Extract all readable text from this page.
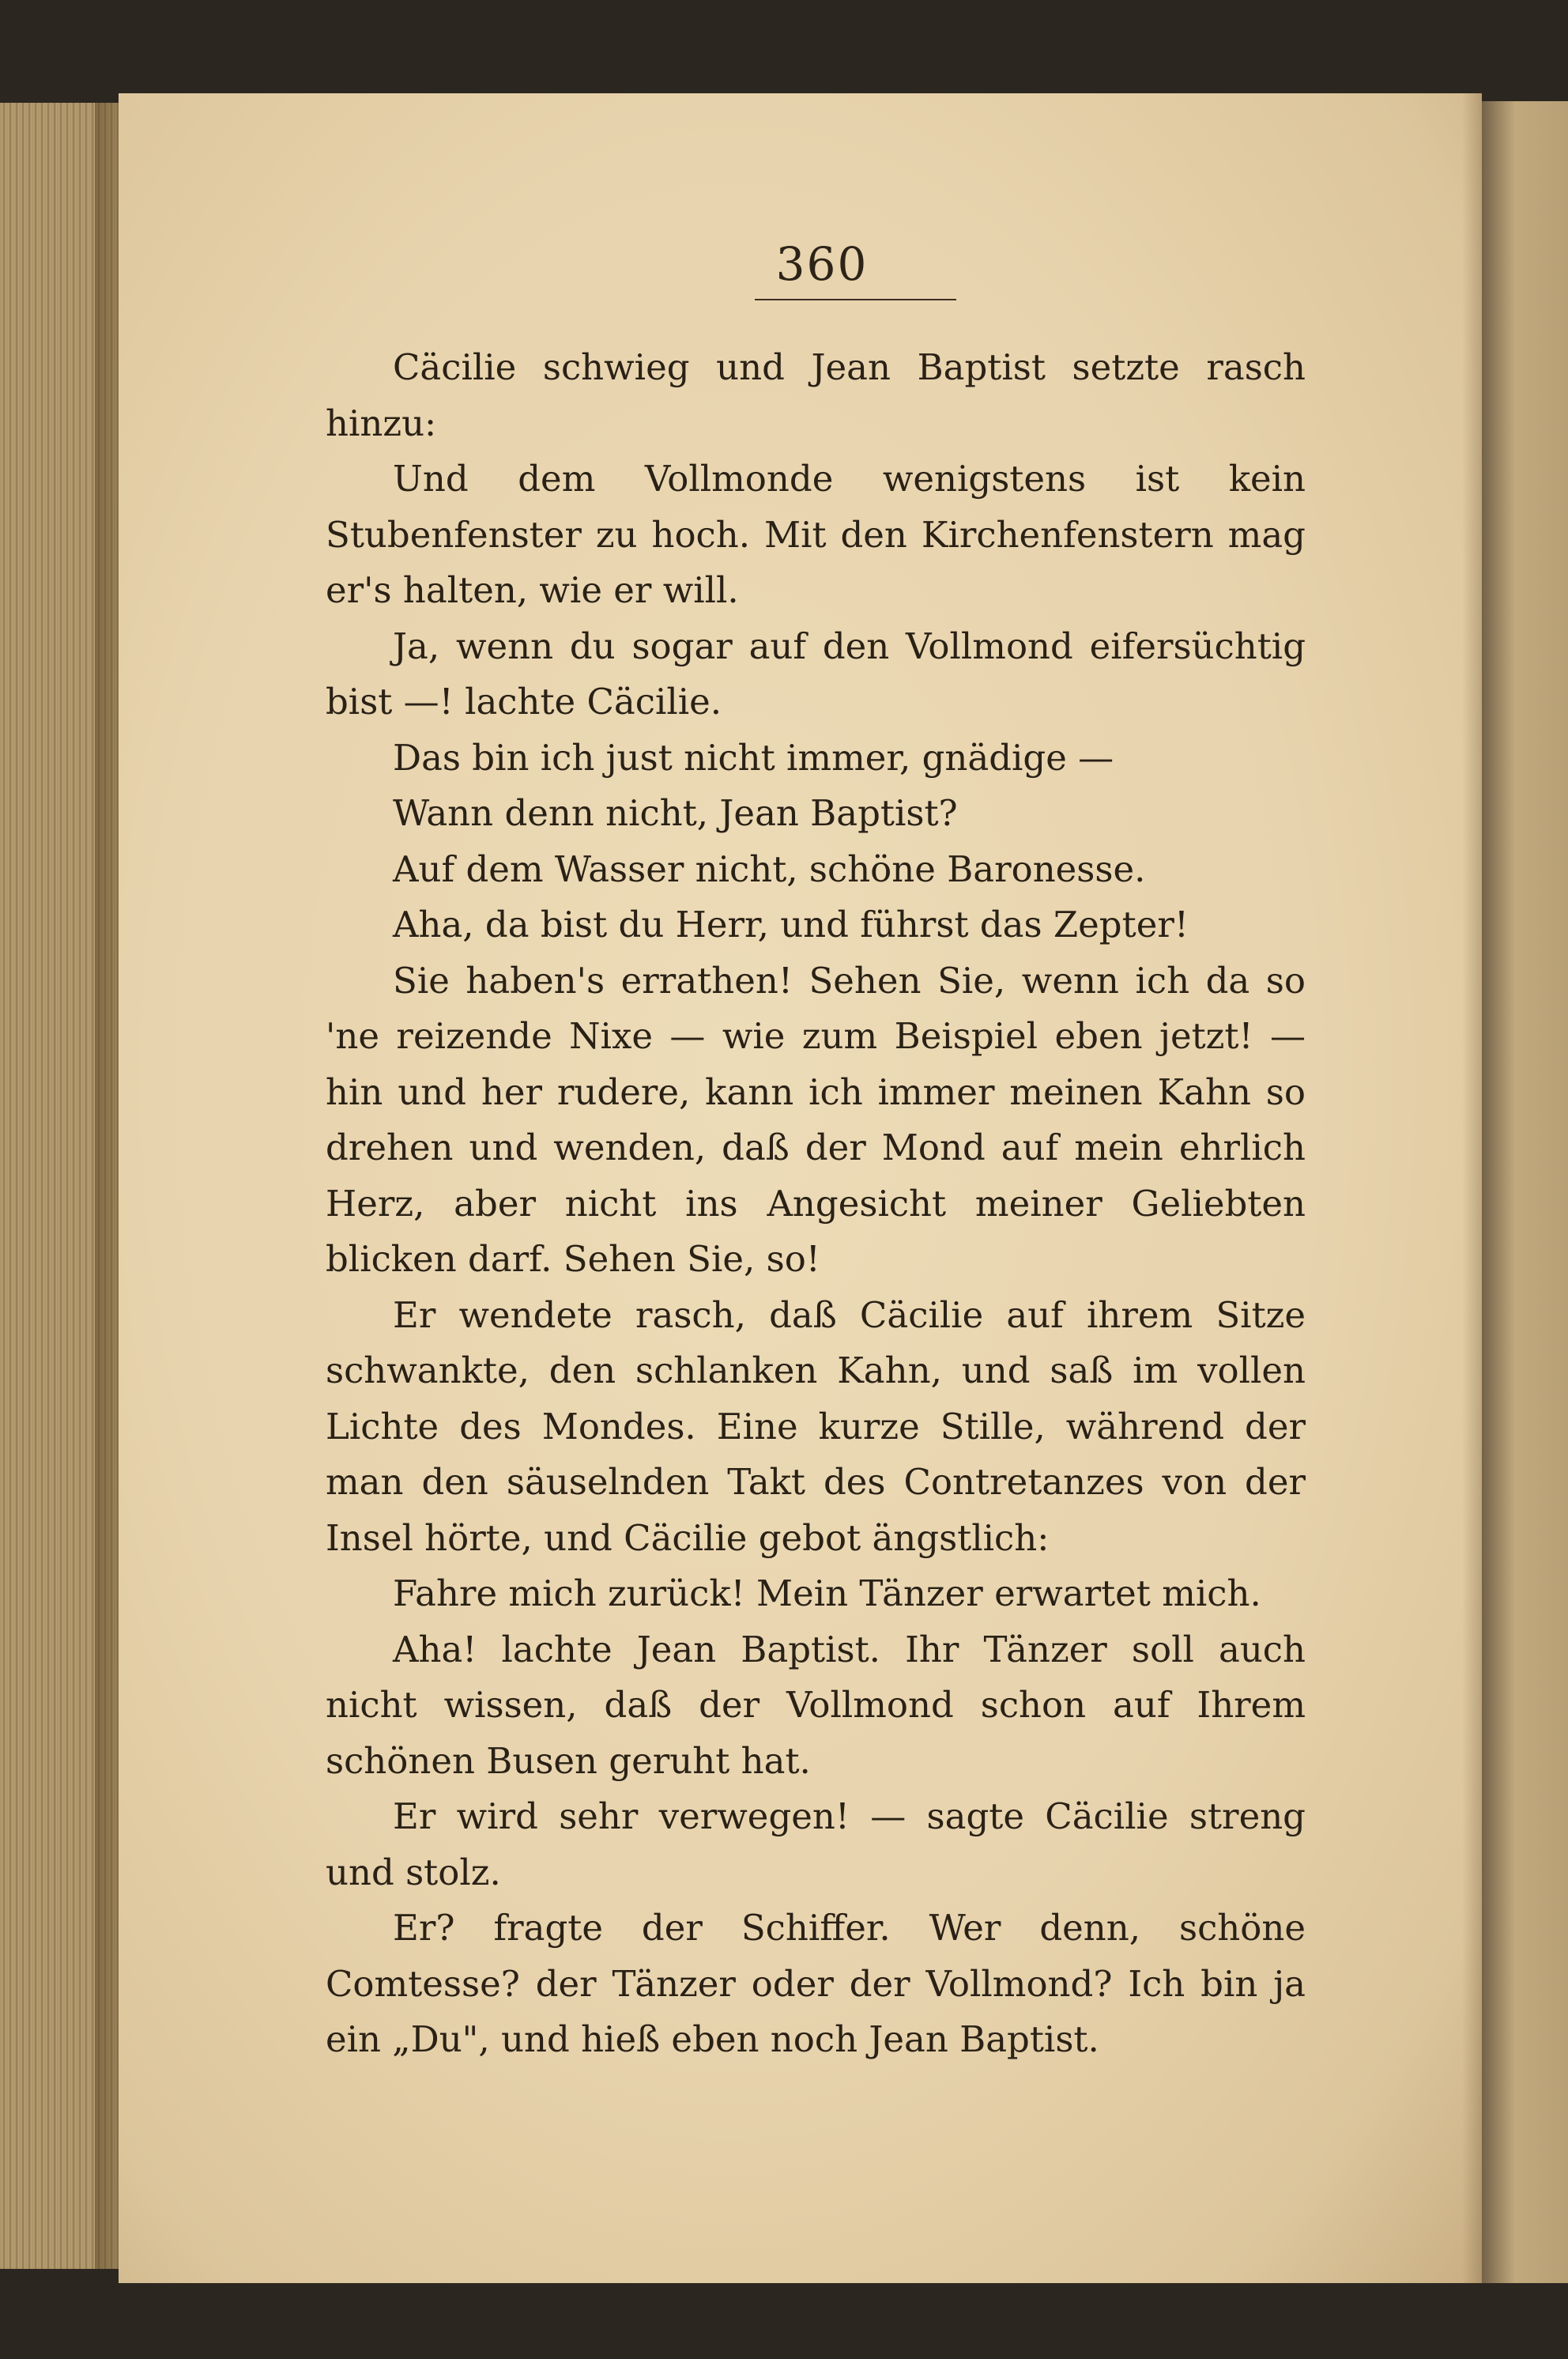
360

Cäcilie schwieg und Jean Baptist setzte rasch hinzu:

Und dem Vollmonde wenigstens ist kein Stubenfenster zu hoch. Mit den Kirchenfenstern mag er's halten, wie er will.

Ja, wenn du sogar auf den Vollmond eifersüchtig bist —! lachte Cäcilie.

Das bin ich just nicht immer, gnädige —

Wann denn nicht, Jean Baptist?

Auf dem Wasser nicht, schöne Baronesse.

Aha, da bist du Herr, und führst das Zepter!

Sie haben's errathen! Sehen Sie, wenn ich da so 'ne reizende Nixe — wie zum Beispiel eben jetzt! — hin und her rudere, kann ich immer meinen Kahn so drehen und wenden, daß der Mond auf mein ehrlich Herz, aber nicht ins Angesicht meiner Geliebten blicken darf. Sehen Sie, so!

Er wendete rasch, daß Cäcilie auf ihrem Sitze schwankte, den schlanken Kahn, und saß im vollen Lichte des Mondes. Eine kurze Stille, während der man den säuselnden Takt des Contretanzes von der Insel hörte, und Cäcilie gebot ängstlich:

Fahre mich zurück! Mein Tänzer erwartet mich.

Aha! lachte Jean Baptist. Ihr Tänzer soll auch nicht wissen, daß der Vollmond schon auf Ihrem schönen Busen geruht hat.

Er wird sehr verwegen! — sagte Cäcilie streng und stolz.

Er? fragte der Schiffer. Wer denn, schöne Comtesse? der Tänzer oder der Vollmond? Ich bin ja ein „Du", und hieß eben noch Jean Baptist.
